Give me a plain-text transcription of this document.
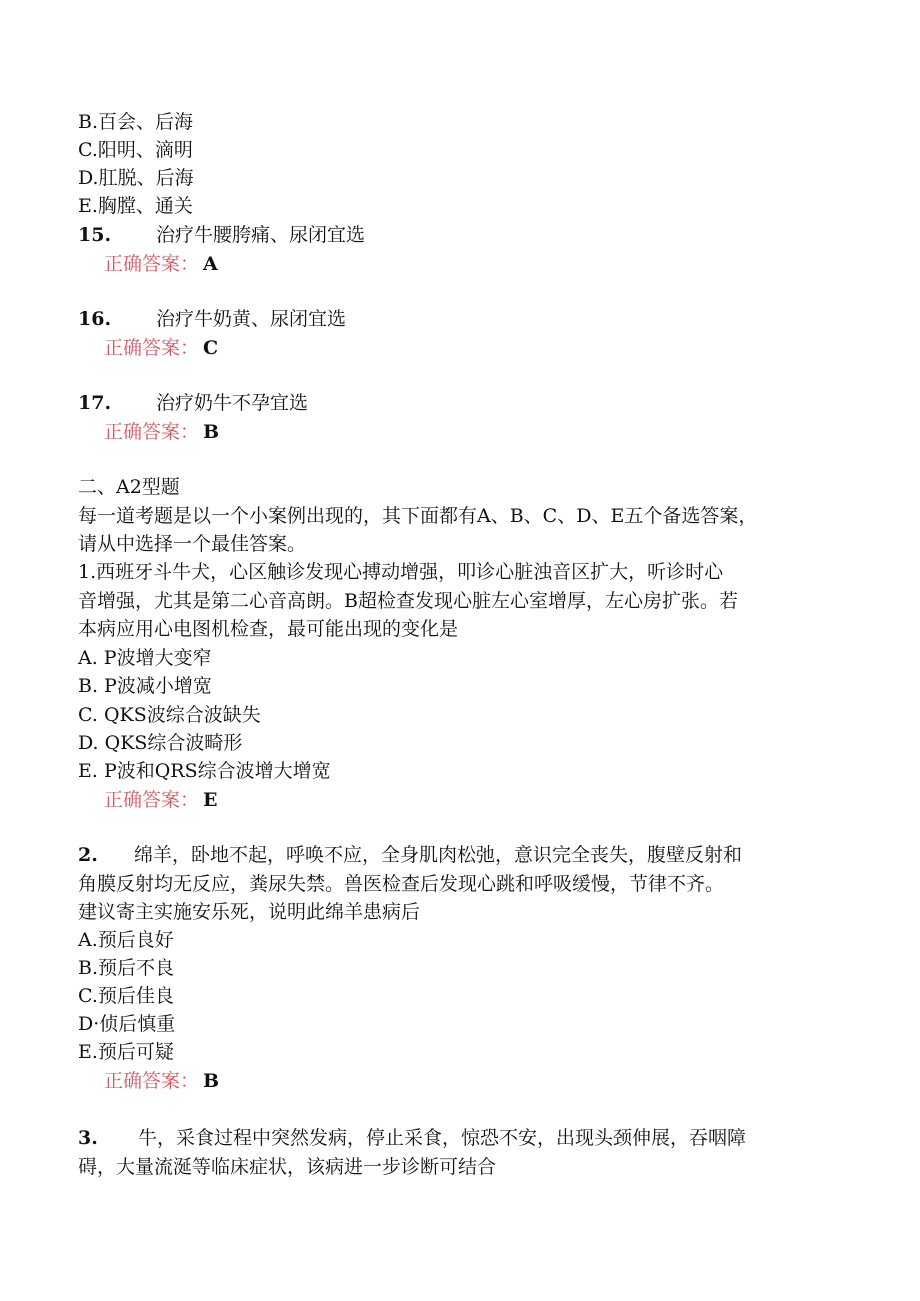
B.百会、后海
C.阳明、滴明
D.肛脱、后海
E.胸膛、通关
15. 治疗牛腰胯痛、尿闭宜选
正确答案： A
16. 治疗牛奶黄、尿闭宜选
正确答案： C
17. 治疗奶牛不孕宜选
正确答案： B
二、A2型题
每一道考题是以一个小案例出现的，其下面都有A、B、C、D、E五个备选答案，
请从中选择一个最佳答案。
1.西班牙斗牛犬，心区触诊发现心搏动增强，叩诊心脏浊音区扩大，听诊时心
音增强，尤其是第二心音高朗。B超检查发现心脏左心室增厚，左心房扩张。若
本病应用心电图机检查，最可能出现的变化是
A. P波增大变窄
B. P波减小增宽
C. QKS波综合波缺失
D. QKS综合波畸形
E. P波和QRS综合波增大增宽
正确答案： E
2. 绵羊，卧地不起，呼唤不应，全身肌肉松弛，意识完全丧失，腹壁反射和
角膜反射均无反应，粪尿失禁。兽医检查后发现心跳和呼吸缓慢，节律不齐。
建议寄主实施安乐死，说明此绵羊患病后
A.预后良好
B.预后不良
C.预后佳良
D·侦后慎重
E.预后可疑
正确答案： B
3. 牛，采食过程中突然发病，停止采食，惊恐不安，出现头颈伸展，吞咽障
碍，大量流涎等临床症状，该病进一步诊断可结合
